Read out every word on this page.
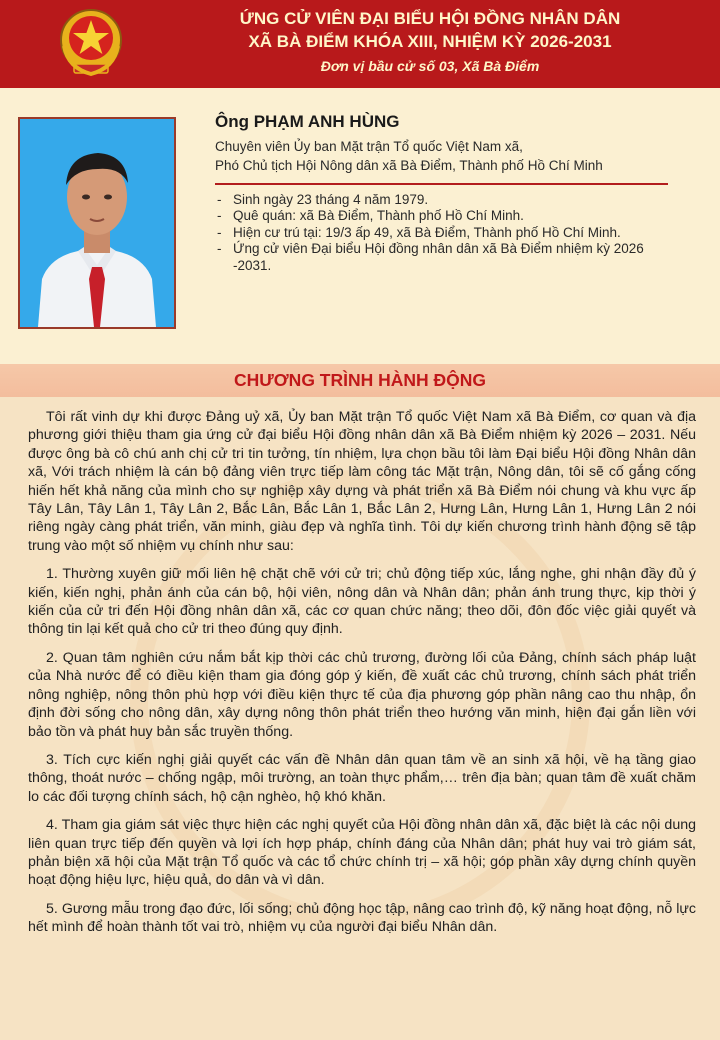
ỨNG CỬ VIÊN ĐẠI BIỂU HỘI ĐỒNG NHÂN DÂN
XÃ BÀ ĐIỂM KHÓA XIII, NHIỆM KỲ 2026-2031
Đơn vị bầu cử số 03, Xã Bà Điểm
Ông PHẠM ANH HÙNG
Chuyên viên Ủy ban Mặt trận Tổ quốc Việt Nam xã,
Phó Chủ tịch Hội Nông dân xã Bà Điểm, Thành phố Hồ Chí Minh
- Sinh ngày 23 tháng 4 năm 1979.
- Quê quán: xã Bà Điểm, Thành phố Hồ Chí Minh.
- Hiện cư trú tại: 19/3 ấp 49, xã Bà Điểm, Thành phố Hồ Chí Minh.
- Ứng cử viên Đại biểu Hội đồng nhân dân xã Bà Điểm nhiệm kỳ 2026 -2031.
CHƯƠNG TRÌNH HÀNH ĐỘNG

Tôi rất vinh dự khi được Đảng uỷ xã, Ủy ban Mặt trận Tổ quốc Việt Nam xã Bà Điểm, cơ quan và địa phương giới thiệu tham gia ứng cử đại biểu Hội đồng nhân dân xã Bà Điểm nhiệm kỳ 2026 – 2031. Nếu được ông bà cô chú anh chị cử tri tin tưởng, tín nhiệm, lựa chọn bầu tôi làm Đại biểu Hội đồng Nhân dân xã, Với trách nhiệm là cán bộ đảng viên trực tiếp làm công tác Mặt trận, Nông dân, tôi sẽ cố gắng cống hiến hết khả năng của mình cho sự nghiệp xây dựng và phát triển xã Bà Điểm nói chung và khu vực ấp Tây Lân, Tây Lân 1, Tây Lân 2, Bắc Lân, Bắc Lân 1, Bắc Lân 2, Hưng Lân, Hưng Lân 1, Hưng Lân 2 nói riêng ngày càng phát triển, văn minh, giàu đẹp và nghĩa tình. Tôi dự kiến chương trình hành động sẽ tập trung vào một số nhiệm vụ chính như sau:

1. Thường xuyên giữ mối liên hệ chặt chẽ với cử tri; chủ động tiếp xúc, lắng nghe, ghi nhận đầy đủ ý kiến, kiến nghị, phản ánh của cán bộ, hội viên, nông dân và Nhân dân; phản ánh trung thực, kịp thời ý kiến của cử tri đến Hội đồng nhân dân xã, các cơ quan chức năng; theo dõi, đôn đốc việc giải quyết và thông tin lại kết quả cho cử tri theo đúng quy định.

2. Quan tâm nghiên cứu nắm bắt kịp thời các chủ trương, đường lối của Đảng, chính sách pháp luật của Nhà nước để có điều kiện tham gia đóng góp ý kiến, đề xuất các chủ trương, chính sách phát triển nông nghiệp, nông thôn phù hợp với điều kiện thực tế của địa phương góp phần nâng cao thu nhập, ổn định đời sống cho nông dân, xây dựng nông thôn phát triển theo hướng văn minh, hiện đại gắn liền với bảo tồn và phát huy bản sắc truyền thống.

3. Tích cực kiến nghị giải quyết các vấn đề Nhân dân quan tâm về an sinh xã hội, về hạ tầng giao thông, thoát nước – chống ngập, môi trường, an toàn thực phẩm,… trên địa bàn; quan tâm đề xuất chăm lo các đối tượng chính sách, hộ cận nghèo, hộ khó khăn.

4. Tham gia giám sát việc thực hiện các nghị quyết của Hội đồng nhân dân xã, đặc biệt là các nội dung liên quan trực tiếp đến quyền và lợi ích hợp pháp, chính đáng của Nhân dân; phát huy vai trò giám sát, phản biện xã hội của Mặt trận Tổ quốc và các tổ chức chính trị – xã hội; góp phần xây dựng chính quyền hoạt động hiệu lực, hiệu quả, do dân và vì dân.

5. Gương mẫu trong đạo đức, lối sống; chủ động học tập, nâng cao trình độ, kỹ năng hoạt động, nỗ lực hết mình để hoàn thành tốt vai trò, nhiệm vụ của người đại biểu Nhân dân.
